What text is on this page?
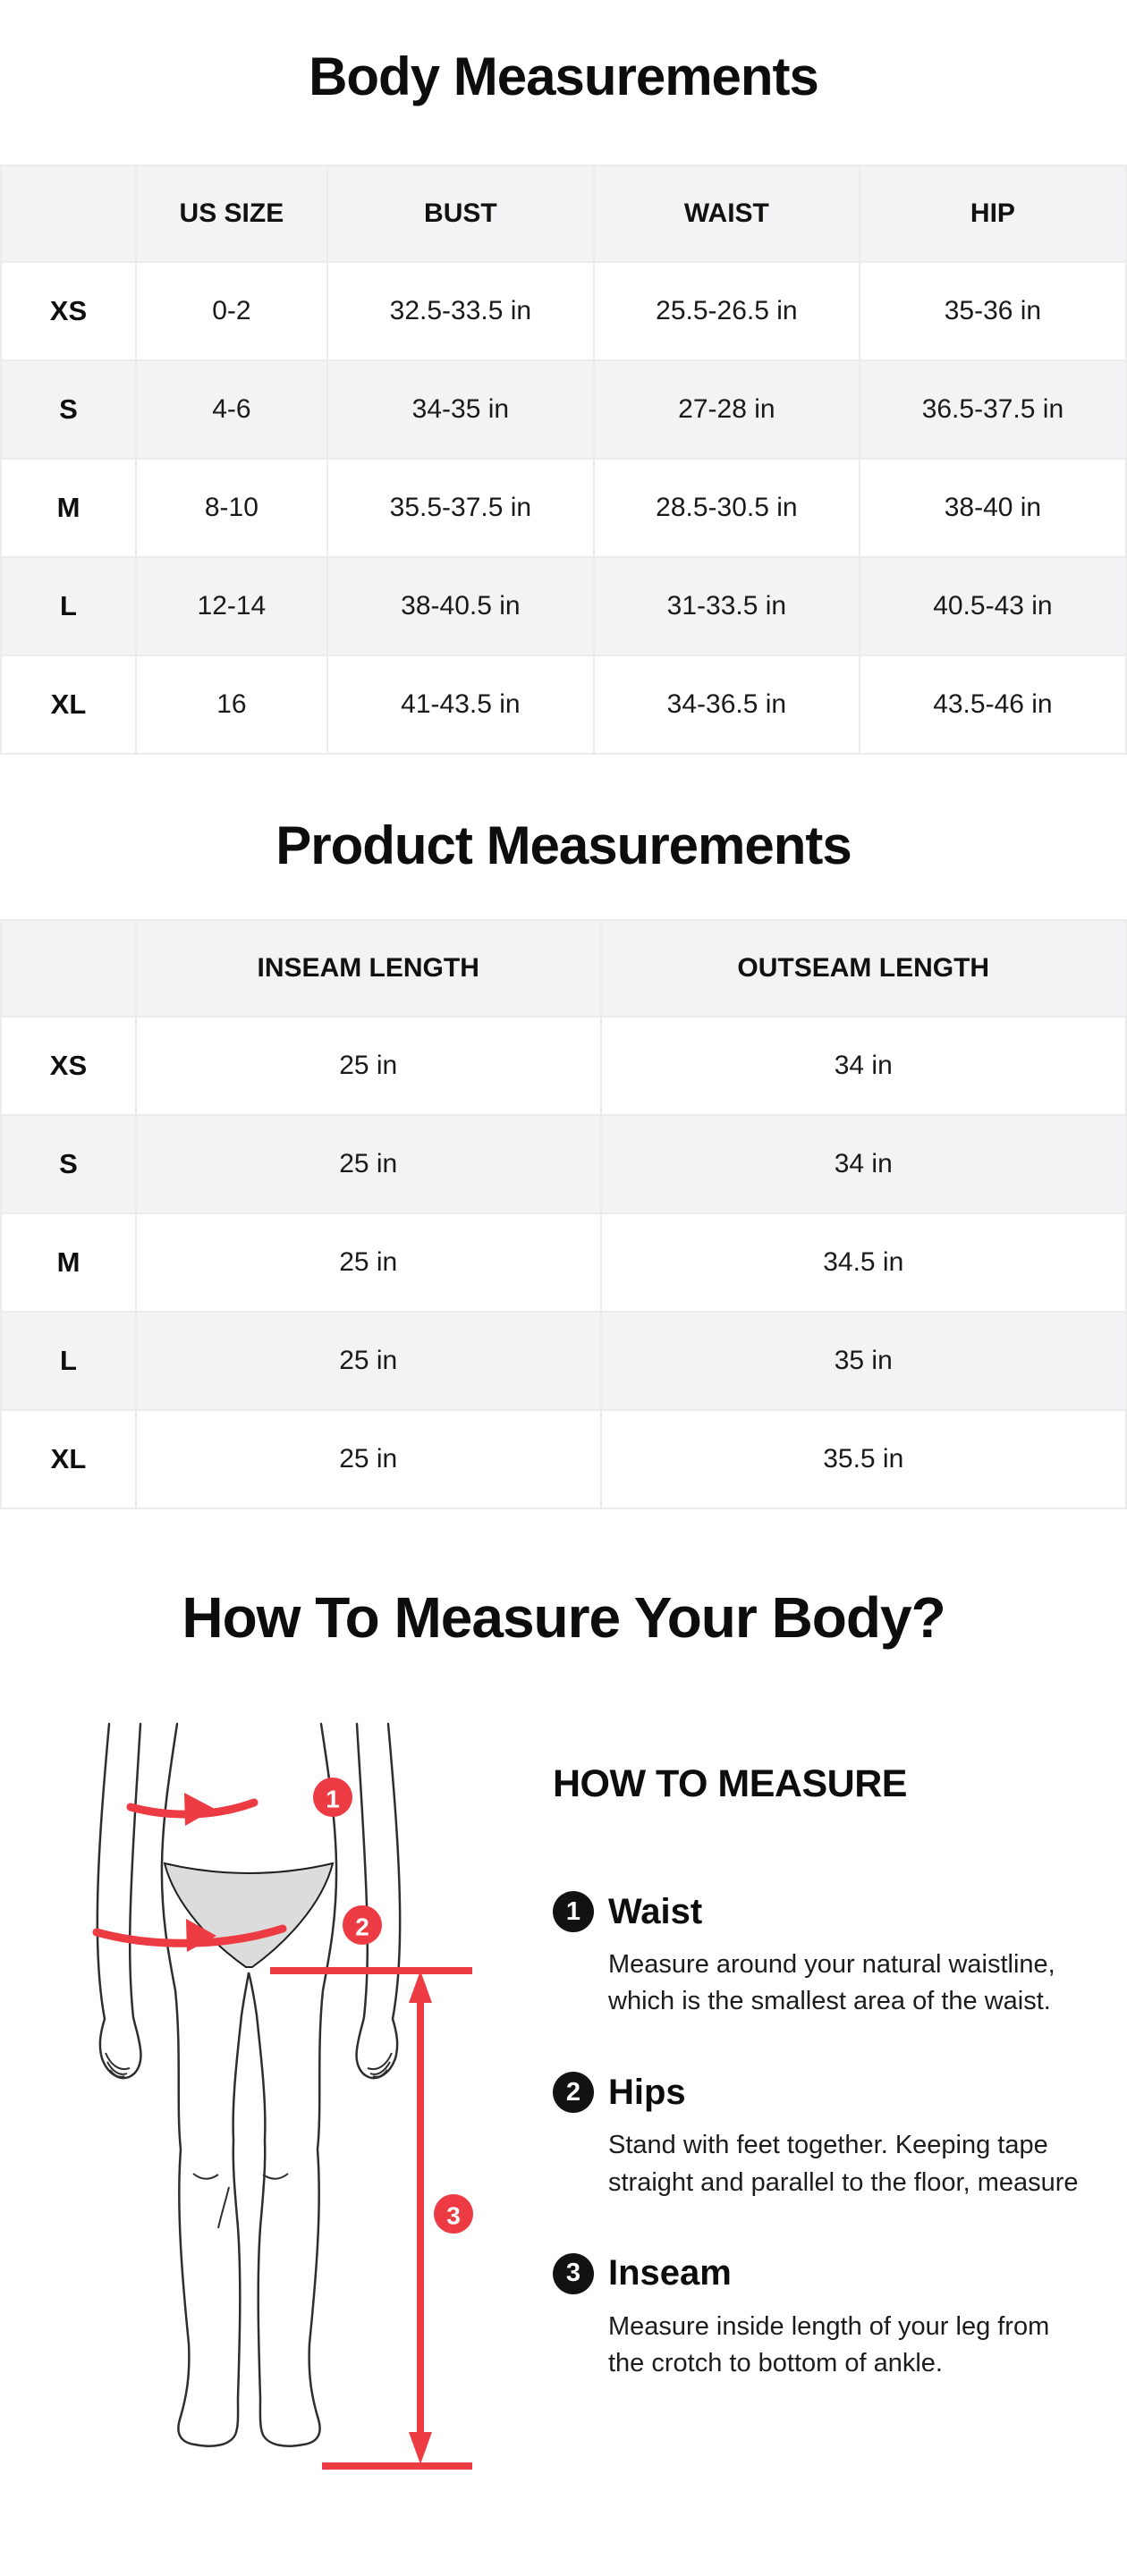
Body Measurements
	US SIZE	BUST	WAIST	HIP
XS	0-2	32.5-33.5 in	25.5-26.5 in	35-36 in
S	4-6	34-35 in	27-28 in	36.5-37.5 in
M	8-10	35.5-37.5 in	28.5-30.5 in	38-40 in
L	12-14	38-40.5 in	31-33.5 in	40.5-43 in
XL	16	41-43.5 in	34-36.5 in	43.5-46 in
Product Measurements
	INSEAM LENGTH	OUTSEAM LENGTH
XS	25 in	34 in
S	25 in	34 in
M	25 in	34.5 in
L	25 in	35 in
XL	25 in	35.5 in
How To Measure Your Body?
1
2
3
HOW TO MEASURE
1 Waist

Measure around your natural waistline, which is the smallest area of the waist.

2 Hips

Stand with feet together. Keeping tape straight and parallel to the floor, measure

3 Inseam

Measure inside length of your leg from the crotch to bottom of ankle.
